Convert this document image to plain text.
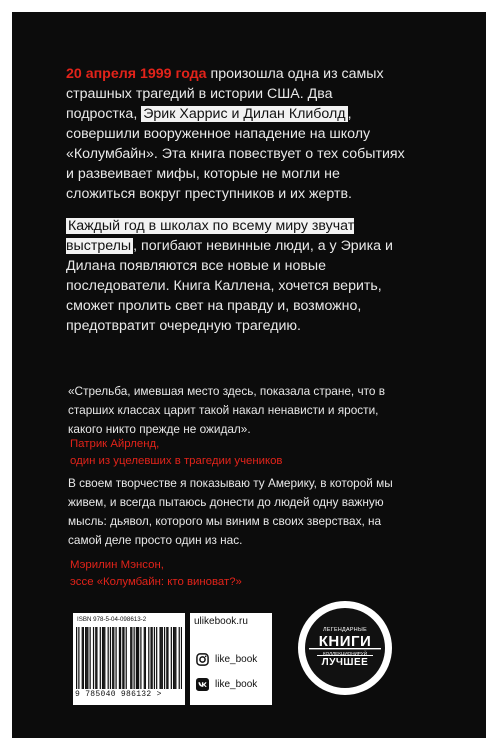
20 апреля 1999 года произошла одна из самых страшных трагедий в истории США. Два подростка, Эрик Харрис и Дилан Клиболд , совершили вооруженное нападение на школу «Колумбайн». Эта книга повествует о тех событиях и развеивает мифы, которые не могли не сложиться вокруг преступников и их жертв.

Каждый год в школах по всему миру звучат выстрелы , погибают невинные люди, а у Эрика и Дилана появляются все новые и новые последователи. Книга Каллена, хочется верить, сможет пролить свет на правду и, возможно, предотвратит очередную трагедию.

«Стрельба, имевшая место здесь, показала стране, что в старших классах царит такой накал ненависти и ярости, какого никто прежде не ожидал».

Патрик Айрленд,
один из уцелевших в трагедии учеников

В своем творчестве я показываю ту Америку, в которой мы живем, и всегда пытаюсь донести до людей одну важную мысль: дьявол, которого мы виним в своих зверствах, на самой деле просто один из нас.

Мэрилин Мэнсон,
эссе «Колумбайн: кто виноват?»
ISBN 978-5-04-098613-2
9 785040 986132 >
ulikebook.ru
like_book
like_book
ЛЕГЕНДАРНЫЕ
КНИГИ
КОЛЛЕКЦИОНИРУЙ
ЛУЧШЕЕ
